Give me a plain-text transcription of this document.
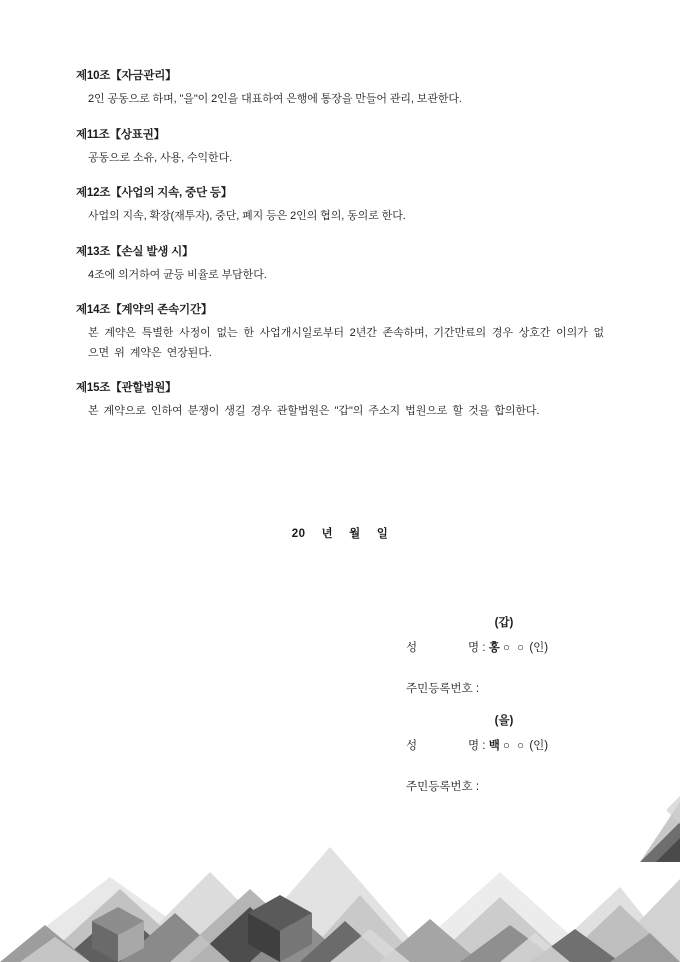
제10조【자금관리】

2인 공동으로 하며, "을"이 2인을 대표하여 은행에 통장을 만들어 관리, 보관한다.

제11조【상표권】

공동으로 소유, 사용, 수익한다.

제12조【사업의 지속, 중단 등】

사업의 지속, 확장(재투자), 중단, 폐지 등은 2인의 협의, 동의로 한다.

제13조【손실 발생 시】

4조에 의거하여 균등 비율로 부담한다.

제14조【계약의 존속기간】

본 계약은 특별한 사정이 없는 한 사업개시일로부터 2년간 존속하며, 기간만료의 경우 상호간 이의가 없으면 위 계약은 연장된다.

제15조【관할법원】

본 계약으로 인하여 분쟁이 생길 경우 관할법원은 "갑"의 주소지 법원으로 할 것을 합의한다.

20 년 월 일

(갑)

성	명 : 홍 ○ ○ (인)
주민등록번호 :

(을)

성	명 : 백 ○ ○ (인)
주민등록번호 :
